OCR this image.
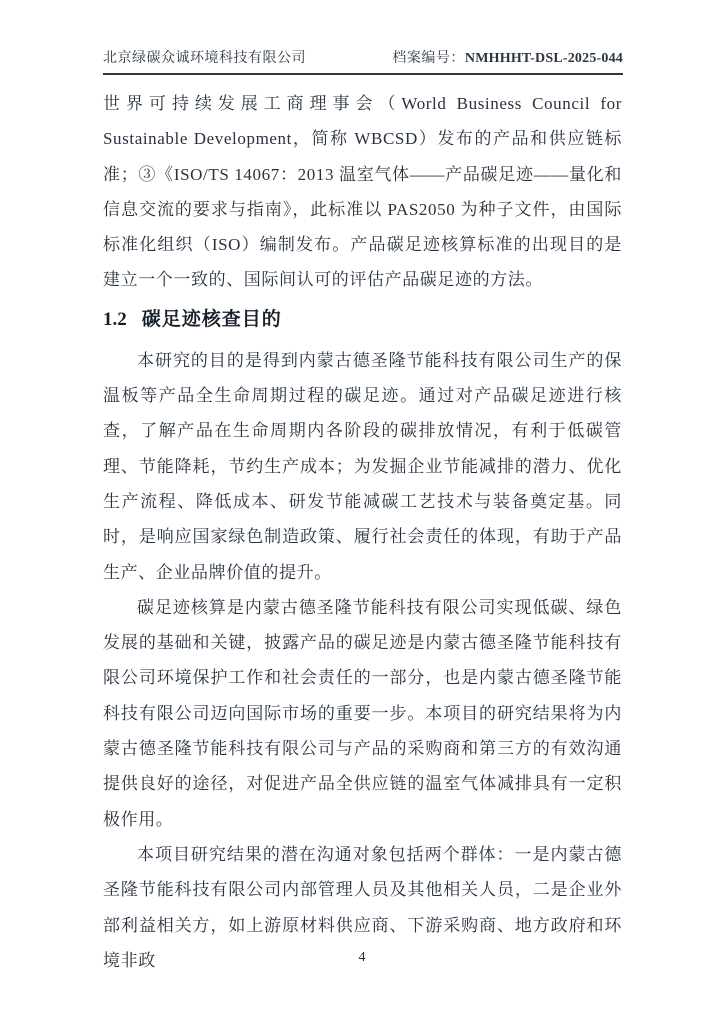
北京绿碳众诚环境科技有限公司	档案编号：NMHHHT-DSL-2025-044

世界可持续发展工商理事会（World Business Council for Sustainable Development，简称 WBCSD）发布的产品和供应链标准；③《ISO/TS 14067：2013 温室气体——产品碳足迹——量化和信息交流的要求与指南》，此标准以 PAS2050 为种子文件，由国际标准化组织（ISO）编制发布。产品碳足迹核算标准的出现目的是建立一个一致的、国际间认可的评估产品碳足迹的方法。

1.2 碳足迹核查目的

本研究的目的是得到内蒙古德圣隆节能科技有限公司生产的保温板等产品全生命周期过程的碳足迹。通过对产品碳足迹进行核查，了解产品在生命周期内各阶段的碳排放情况，有利于低碳管理、节能降耗，节约生产成本；为发掘企业节能减排的潜力、优化生产流程、降低成本、研发节能减碳工艺技术与装备奠定基。同时，是响应国家绿色制造政策、履行社会责任的体现，有助于产品生产、企业品牌价值的提升。

碳足迹核算是内蒙古德圣隆节能科技有限公司实现低碳、绿色发展的基础和关键，披露产品的碳足迹是内蒙古德圣隆节能科技有限公司环境保护工作和社会责任的一部分，也是内蒙古德圣隆节能科技有限公司迈向国际市场的重要一步。本项目的研究结果将为内蒙古德圣隆节能科技有限公司与产品的采购商和第三方的有效沟通提供良好的途径，对促进产品全供应链的温室气体减排具有一定积极作用。

本项目研究结果的潜在沟通对象包括两个群体：一是内蒙古德圣隆节能科技有限公司内部管理人员及其他相关人员，二是企业外部利益相关方，如上游原材料供应商、下游采购商、地方政府和环境非政	4
